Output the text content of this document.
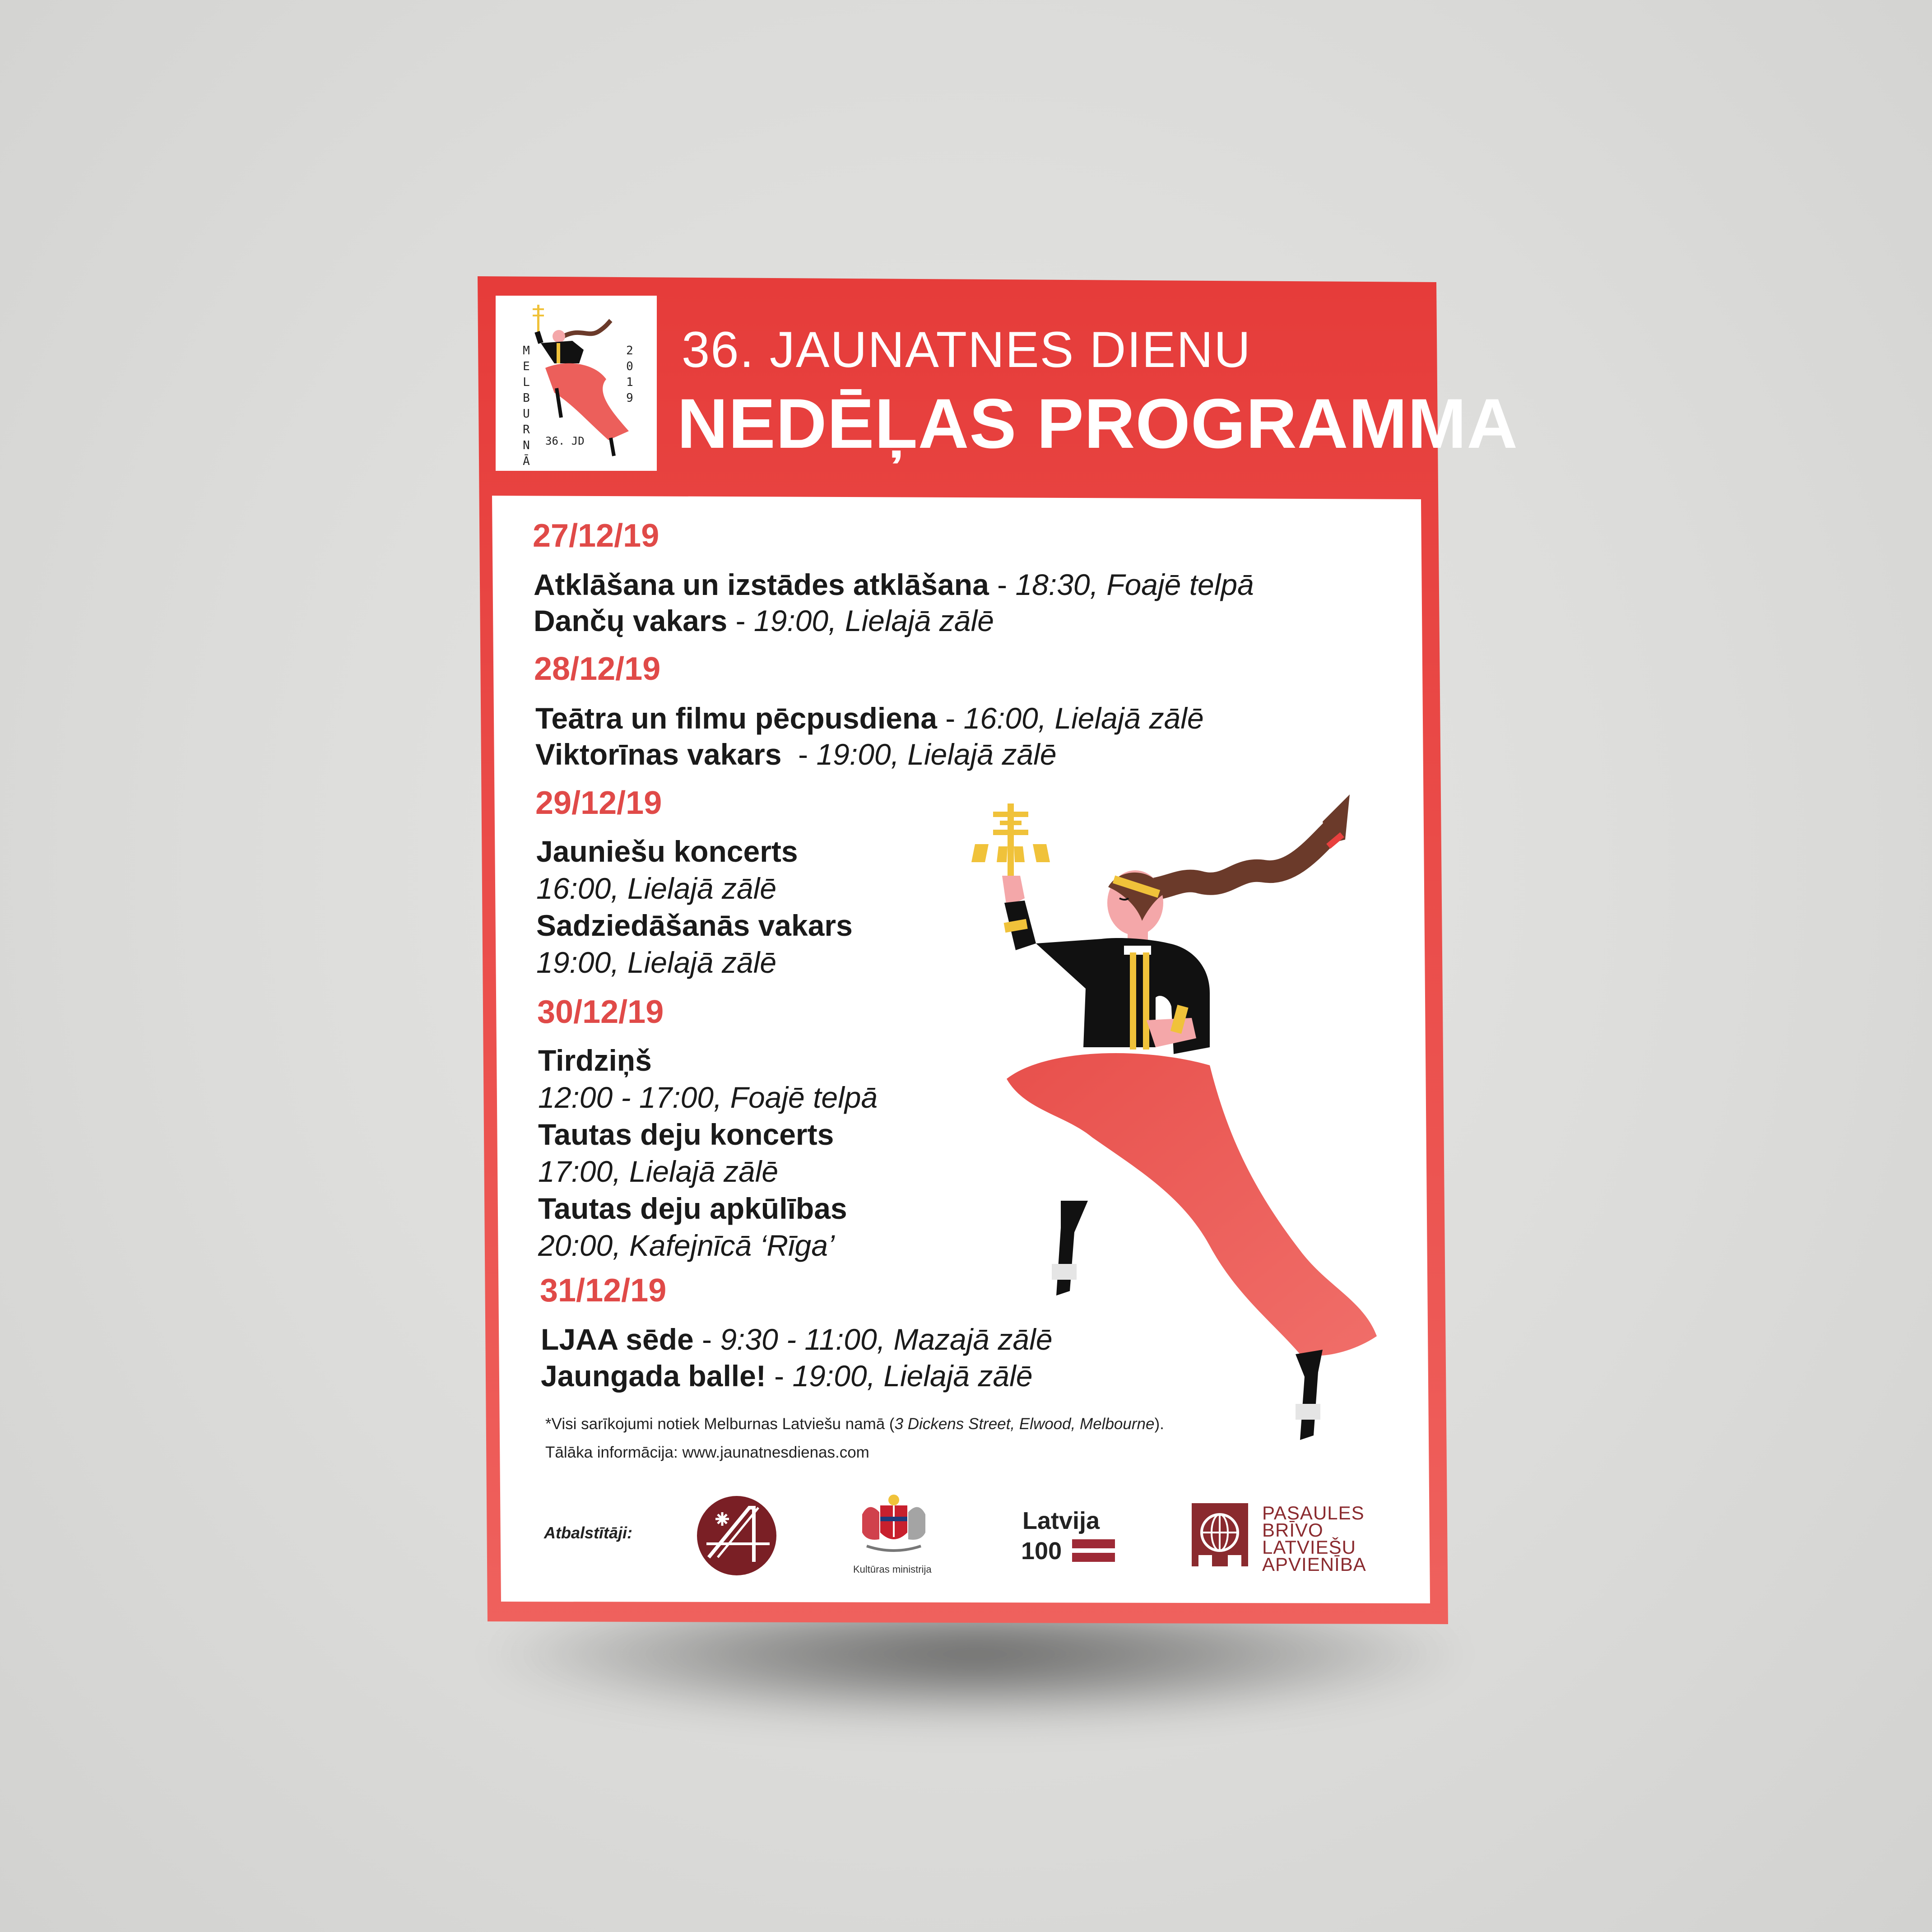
MELBURNĀ
2019
36. JD
36. JAUNATNES DIENU
NEDĒĻAS PROGRAMMA
27/12/19
Atklāšana un izstādes atklāšana - 18:30, Foajē telpā
Dančų vakars - 19:00, Lielajā zālē
28/12/19
Teātra un filmu pēcpusdiena - 16:00, Lielajā zālē
Viktorīnas vakars  - 19:00, Lielajā zālē
29/12/19
Jauniešu koncerts
16:00, Lielajā zālē
Sadziedāšanās vakars
19:00, Lielajā zālē
30/12/19
Tirdziņš
12:00 - 17:00, Foajē telpā
Tautas deju koncerts
17:00, Lielajā zālē
Tautas deju apkūlības
20:00, Kafejnīcā ‘Rīga’
31/12/19
LJAA sēde - 9:30 - 11:00, Mazajā zālē
Jaungada balle! - 19:00, Lielajā zālē
*Visi sarīkojumi notiek Melburnas Latviešu namā (3 Dickens Street, Elwood, Melbourne).
Tālāka informācija: www.jaunatnesdienas.com
Atbalstītāji:
Kultūras ministrija
Latvija
100
PASAULES
BRĪVO
LATVIEŠU
APVIENĪBA
